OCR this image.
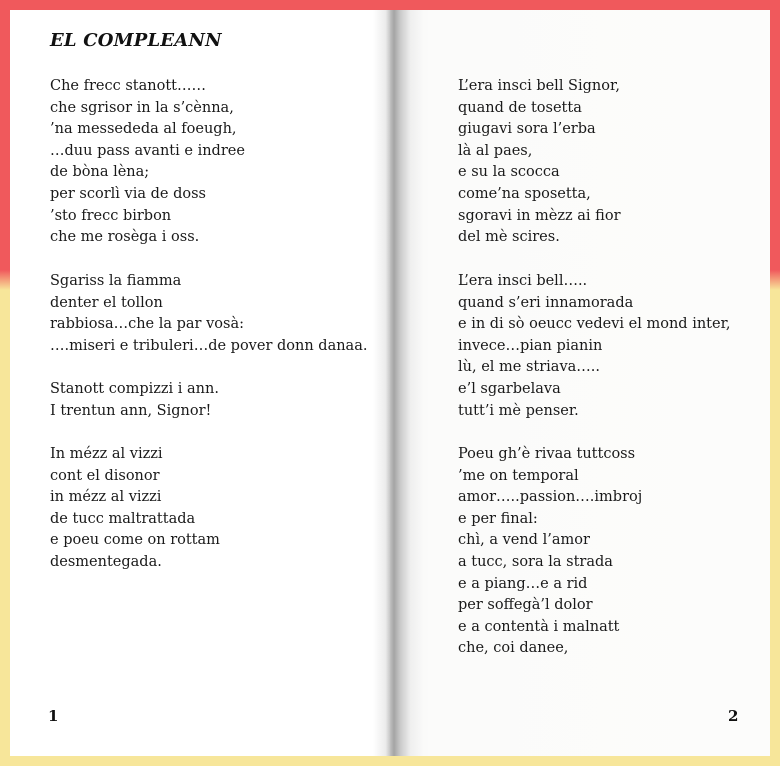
EL COMPLEANN
Che frecc stanott……
che sgrisor in la s’cènna,
’na messededa al foeugh,
…duu pass avanti e indree
de bòna lèna;
per scorlì via de doss
’sto frecc birbon
che me rosèga i oss.
Sgariss la fiamma
denter el tollon
rabbiosa…che la par vosà:
….miseri e tribuleri…de pover donn danaa.
Stanott compizzi i ann.
I trentun ann, Signor!
In mézz al vizzi
cont el disonor
in mézz al vizzi
de tucc maltrattada
e poeu come on rottam
desmentegada.
1
L’era insci bell Signor,
quand de tosetta
giugavi sora l’erba
là al paes,
e su la scocca
come’na sposetta,
sgoravi in mèzz ai fior
del mè scires.
L’era insci bell…..
quand s’eri innamorada
e in di sò oeucc vedevi el mond inter,
invece…pian pianin
lù, el me striava…..
e’l sgarbelava
tutt’i mè penser.
Poeu gh’è rivaa tuttcoss
’me on temporal
amor…..passion….imbroj
e per final:
chì, a vend l’amor
a tucc, sora la strada
e a piang…e a rid
per soffegà’l dolor
e a contentà i malnatt
che, coi danee,
2
